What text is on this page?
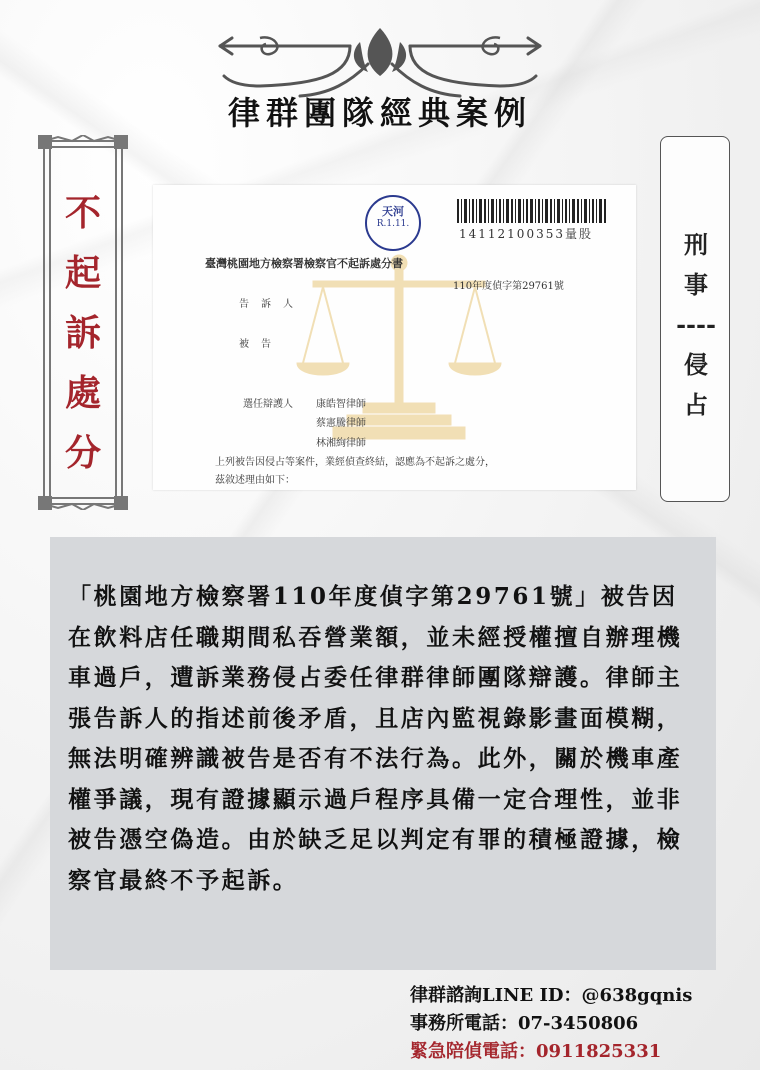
律群團隊經典案例
不
起
訴
處
分
刑
事
----
侵
占
天河
R.1.11.
14112100353量股
臺灣桃園地方檢察署檢察官不起訴處分書
110年度偵字第29761號
告訴人
被告
選任辯護人 康皓智律師
蔡憲騰律師
林湘絢律師
上列被告因侵占等案件，業經偵查終結，認應為不起訴之處分，
茲敘述理由如下：
「桃園地方檢察署110年度偵字第29761號」被告因在飲料店任職期間私吞營業額，並未經授權擅自辦理機車過戶，遭訴業務侵占委任律群律師團隊辯護。律師主張告訴人的指述前後矛盾，且店內監視錄影畫面模糊，無法明確辨識被告是否有不法行為。此外，關於機車產權爭議，現有證據顯示過戶程序具備一定合理性，並非被告憑空偽造。由於缺乏足以判定有罪的積極證據，檢察官最終不予起訴。
律群諮詢LINE ID：@638gqnis
事務所電話：07-3450806
緊急陪偵電話：0911825331
